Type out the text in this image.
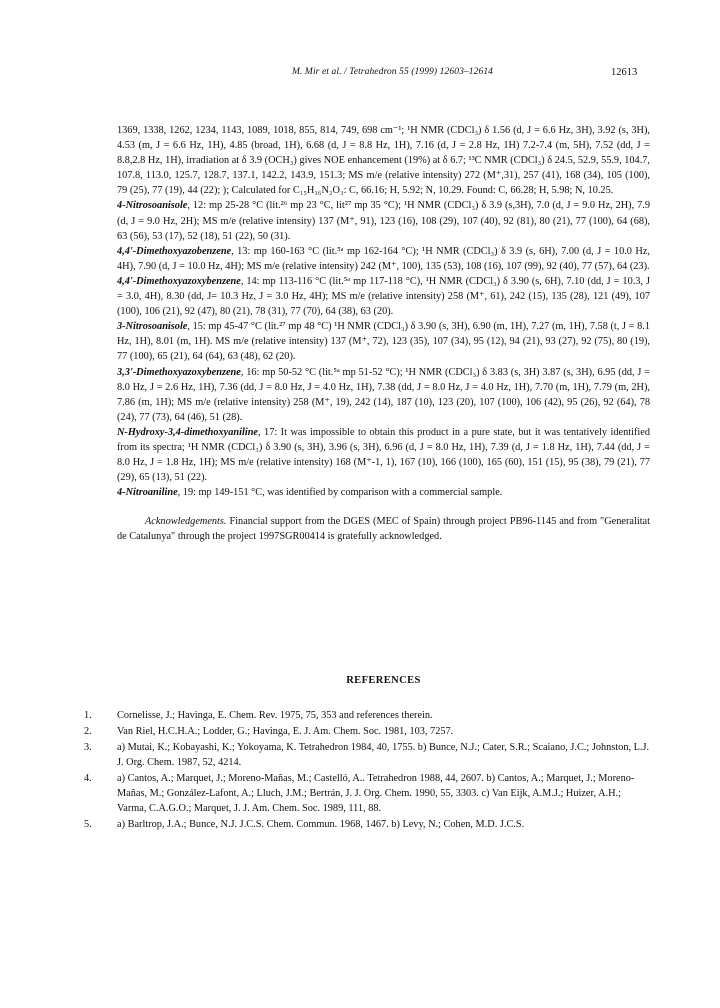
M. Mir et al. / Tetrahedron 55 (1999) 12603–12614	12613

1369, 1338, 1262, 1234, 1143, 1089, 1018, 855, 814, 749, 698 cm⁻¹; ¹H NMR (CDCl₃) δ 1.56 (d, J = 6.6 Hz, 3H), 3.92 (s, 3H), 4.53 (m, J = 6.6 Hz, 1H), 4.85 (broad, 1H), 6.68 (d, J = 8.8 Hz, 1H), 7.16 (d, J = 2.8 Hz, 1H) 7.2-7.4 (m, 5H), 7.52 (dd, J = 8.8,2.8 Hz, 1H), irradiation at δ 3.9 (OCH₃) gives NOE enhancement (19%) at δ 6.7; ¹³C NMR (CDCl₃) δ 24.5, 52.9, 55.9, 104.7, 107.8, 113.0, 125.7, 128.7, 137.1, 142.2, 143.9, 151.3; MS m/e (relative intensity) 272 (M⁺,31), 257 (41), 168 (34), 105 (100), 79 (25), 77 (19), 44 (22); ); Calculated for C₁₅H₁₆N₂O₃: C, 66.16; H, 5.92; N, 10.29. Found: C, 66.28; H, 5.98; N, 10.25.

4-Nitrosoanisole, 12: mp 25-28 °C (lit.²⁶ mp 23 °C, lit²⁷ mp 35 °C); ¹H NMR (CDCl₃) δ 3.9 (s,3H), 7.0 (d, J = 9.0 Hz, 2H), 7.9 (d, J = 9.0 Hz, 2H); MS m/e (relative intensity) 137 (M⁺, 91), 123 (16), 108 (29), 107 (40), 92 (81), 80 (21), 77 (100), 64 (68), 63 (56), 53 (17), 52 (18), 51 (22), 50 (31).

4,4'-Dimethoxyazobenzene, 13: mp 160-163 °C (lit.⁵ᵃ mp 162-164 °C); ¹H NMR (CDCl₃) δ 3.9 (s, 6H), 7.00 (d, J = 10.0 Hz, 4H), 7.90 (d, J = 10.0 Hz, 4H); MS m/e (relative intensity) 242 (M⁺, 100), 135 (53), 108 (16), 107 (99), 92 (40), 77 (57), 64 (23).

4,4'-Dimethoxyazoxybenzene, 14: mp 113-116 °C (lit.⁵ᵃ mp 117-118 °C), ¹H NMR (CDCl₃) δ 3.90 (s, 6H), 7.10 (dd, J = 10.3, J = 3.0, 4H), 8.30 (dd, J= 10.3 Hz, J = 3.0 Hz, 4H); MS m/e (relative intensity) 258 (M⁺, 61), 242 (15), 135 (28), 121 (49), 107 (100), 106 (21), 92 (47), 80 (21), 78 (31), 77 (70), 64 (38), 63 (20).

3-Nitrosoanisole, 15: mp 45-47 °C (lit.²⁷ mp 48 °C) ¹H NMR (CDCl₃) δ 3.90 (s, 3H), 6.90 (m, 1H), 7.27 (m, 1H), 7.58 (t, J = 8.1 Hz, 1H), 8.01 (m, 1H). MS m/e (relative intensity) 137 (M⁺, 72), 123 (35), 107 (34), 95 (12), 94 (21), 93 (27), 92 (75), 80 (19), 77 (100), 65 (21), 64 (64), 63 (48), 62 (20).

3,3'-Dimethoxyazoxybenzene, 16: mp 50-52 °C (lit.⁵ᵃ mp 51-52 °C); ¹H NMR (CDCl₃) δ 3.83 (s, 3H) 3.87 (s, 3H), 6.95 (dd, J = 8.0 Hz, J = 2.6 Hz, 1H), 7.36 (dd, J = 8.0 Hz, J = 4.0 Hz, 1H), 7.38 (dd, J = 8.0 Hz, J = 4.0 Hz, 1H), 7.70 (m, 1H), 7.79 (m, 2H), 7.86 (m, 1H); MS m/e (relative intensity) 258 (M⁺, 19), 242 (14), 187 (10), 123 (20), 107 (100), 106 (42), 95 (26), 92 (64), 78 (24), 77 (73), 64 (46), 51 (28).

N-Hydroxy-3,4-dimethoxyaniline, 17: It was impossible to obtain this product in a pure state, but it was tentatively identified from its spectra; ¹H NMR (CDCl₃) δ 3.90 (s, 3H), 3.96 (s, 3H), 6.96 (d, J = 8.0 Hz, 1H), 7.39 (d, J = 1.8 Hz, 1H), 7.44 (dd, J = 8.0 Hz, J = 1.8 Hz, 1H); MS m/e (relative intensity) 168 (M⁺-1, 1), 167 (10), 166 (100), 165 (60), 151 (15), 95 (38), 79 (21), 77 (29), 65 (13), 51 (22).

4-Nitroaniline, 19: mp 149-151 °C, was identified by comparison with a commercial sample.

Acknowledgements. Financial support from the DGES (MEC of Spain) through project PB96-1145 and from "Generalitat de Catalunya" through the project 1997SGR00414 is gratefully acknowledged.

REFERENCES
1.	Cornelisse, J.; Havinga, E. Chem. Rev. 1975, 75, 353 and references therein.
2.	Van Riel, H.C.H.A.; Lodder, G.; Havinga, E. J. Am. Chem. Soc. 1981, 103, 7257.
3.	a) Mutai, K.; Kobayashi, K.; Yokoyama, K. Tetrahedron 1984, 40, 1755. b) Bunce, N.J.; Cater, S.R.; Scaiano, J.C.; Johnston, L.J. J. Org. Chem. 1987, 52, 4214.
4.	a) Cantos, A.; Marquet, J.; Moreno-Mañas, M.; Castelló, A.. Tetrahedron 1988, 44, 2607. b) Cantos, A.; Marquet, J.; Moreno-Mañas, M.; González-Lafont, A.; Lluch, J.M.; Bertrán, J. J. Org. Chem. 1990, 55, 3303. c) Van Eijk, A.M.J.; Huizer, A.H.; Varma, C.A.G.O.; Marquet, J. J. Am. Chem. Soc. 1989, 111, 88.
5.	a) Barltrop, J.A.; Bunce, N.J. J.C.S. Chem. Commun. 1968, 1467. b) Levy, N.; Cohen, M.D. J.C.S.
